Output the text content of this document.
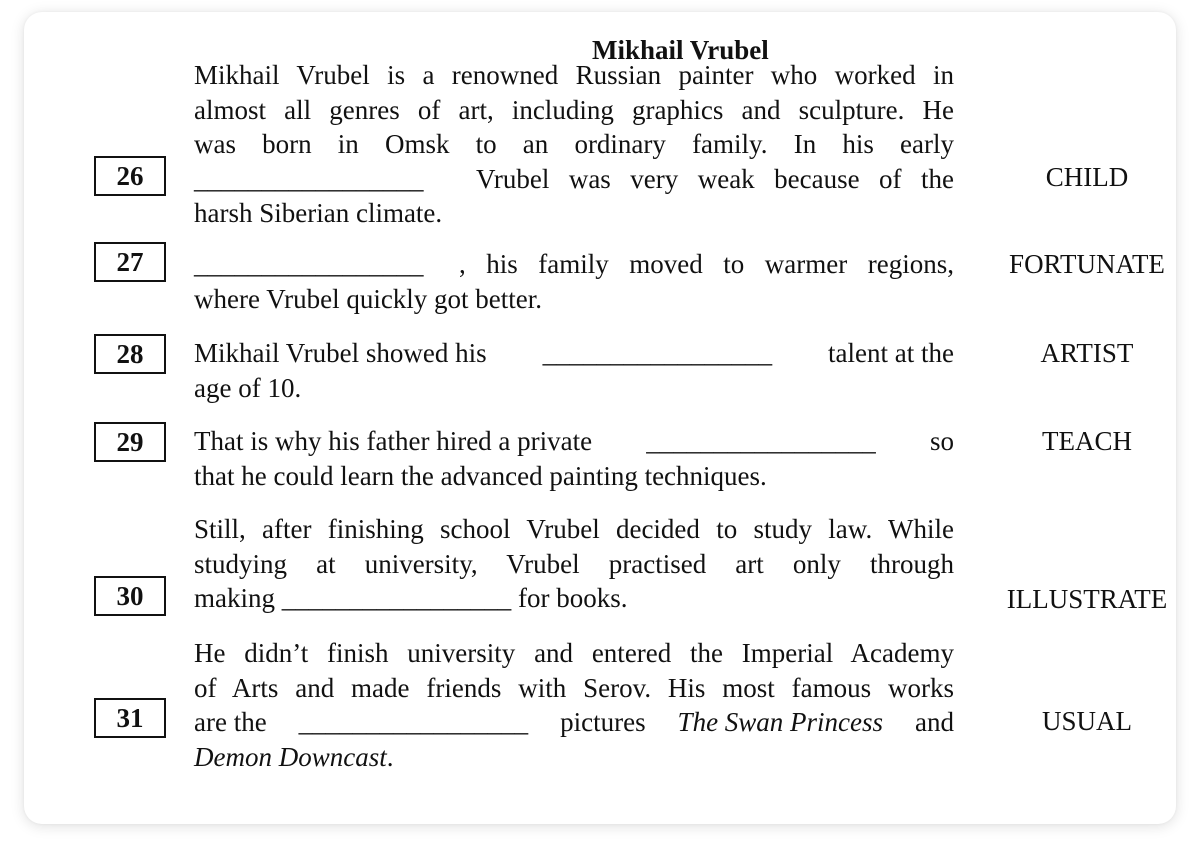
Mikhail Vrubel
26
Mikhail Vrubel is a renowned Russian painter who worked in
almost all genres of art, including graphics and sculpture. He
was born in Omsk to an ordinary family. In his early
_________________ Vrubel was very weak because of the
harsh Siberian climate.
CHILD
27 _________________ , his family moved to warmer regions,
where Vrubel quickly got better.
FORTUNATE
28 Mikhail Vrubel showed his _________________ talent at the
age of 10.
ARTIST
29 That is why his father hired a private _________________ so
that he could learn the advanced painting techniques.
TEACH
30
Still, after finishing school Vrubel decided to study law. While
studying at university, Vrubel practised art only through
making _________________ for books.	ILLUSTRATE
31
He didn’t finish university and entered the Imperial Academy
of Arts and made friends with Serov. His most famous works
are the _________________ pictures The Swan Princess and
Demon Downcast.
USUAL
